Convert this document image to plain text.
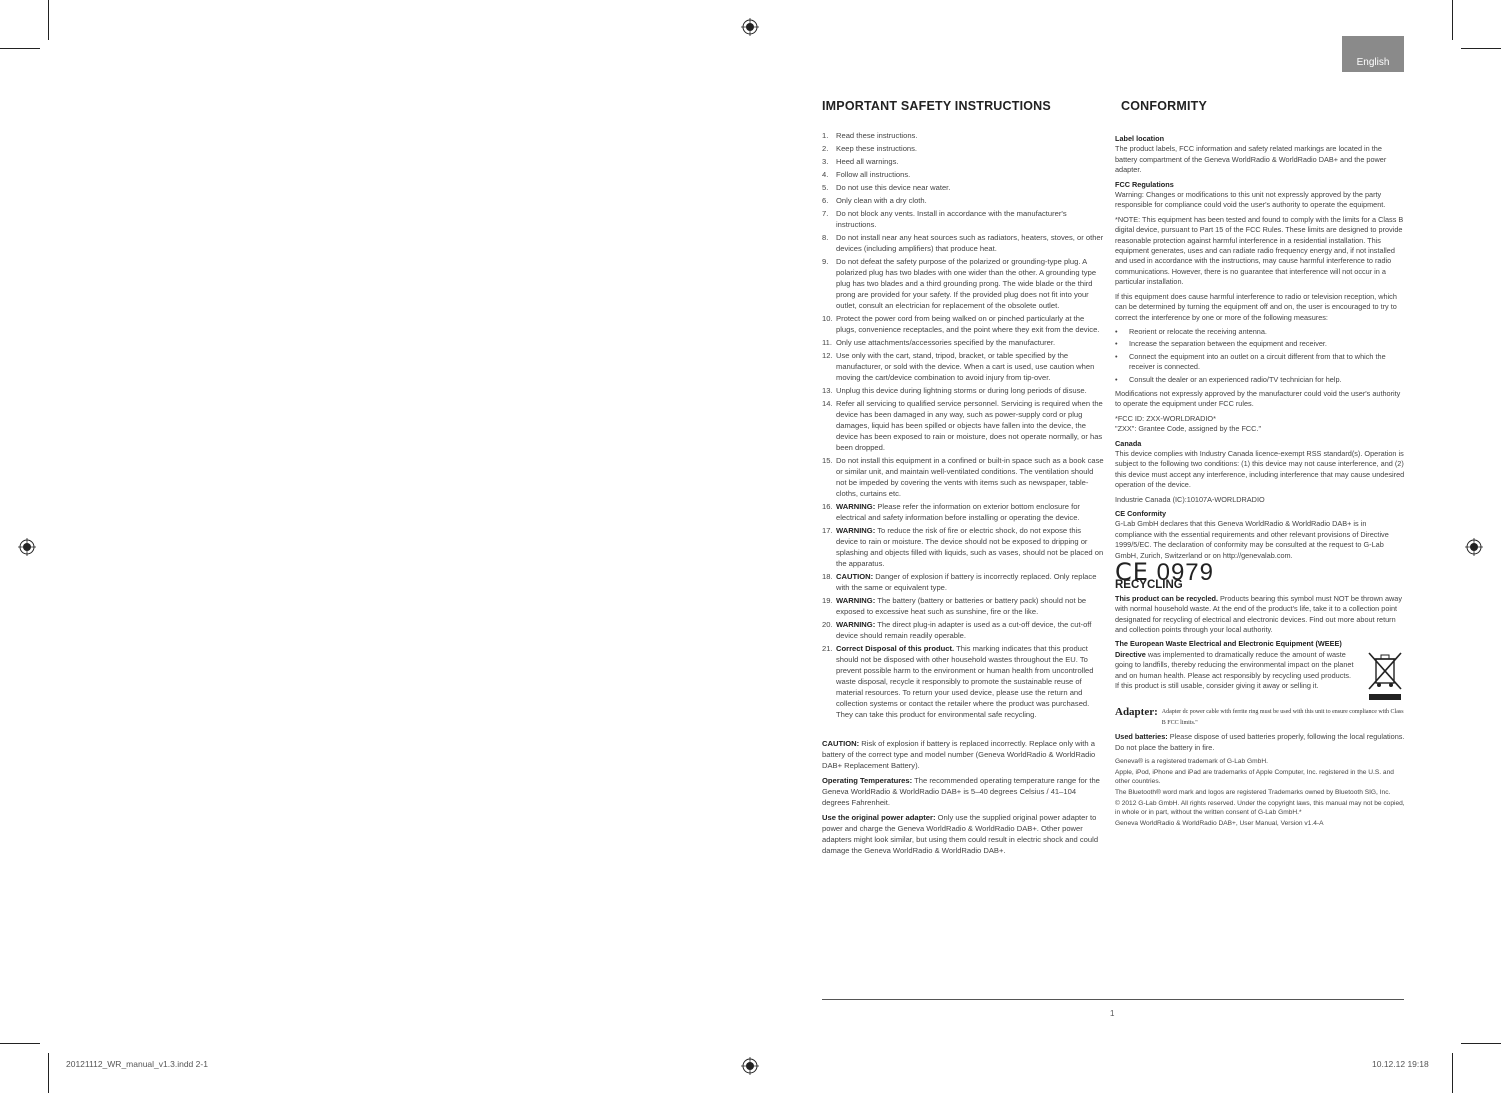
English
IMPORTANT SAFETY INSTRUCTIONS
1.	Read these instructions.
2.	Keep these instructions.
3.	Heed all warnings.
4.	Follow all instructions.
5.	Do not use this device near water.
6.	Only clean with a dry cloth.
7.	Do not block any vents. Install in accordance with the manufacturer's instructions.
8.	Do not install near any heat sources such as radiators, heaters, stoves, or other devices (including amplifiers) that produce heat.
9.	Do not defeat the safety purpose of the polarized or grounding-type plug. A polarized plug has two blades with one wider than the other. A grounding type plug has two blades and a third grounding prong. The wide blade or the third prong are provided for your safety. If the provided plug does not fit into your outlet, consult an electrician for replacement of the obsolete outlet.
10. Protect the power cord from being walked on or pinched particularly at the plugs, convenience receptacles, and the point where they exit from the device.
11. Only use attachments/accessories specified by the manufacturer.
12. Use only with the cart, stand, tripod, bracket, or table specified by the manufacturer, or sold with the device. When a cart is used, use caution when moving the cart/device combination to avoid injury from tip-over.
13. Unplug this device during lightning storms or during long periods of disuse.
14. Refer all servicing to qualified service personnel. Servicing is required when the device has been damaged in any way, such as power-supply cord or plug damages, liquid has been spilled or objects have fallen into the device, the device has been exposed to rain or moisture, does not operate normally, or has been dropped.
15. Do not install this equipment in a confined or built-in space such as a book case or similar unit, and maintain well-ventilated conditions. The ventilation should not be impeded by covering the vents with items such as newspaper, table-cloths, curtains etc.
16. WARNING: Please refer the information on exterior bottom enclosure for electrical and safety information before installing or operating the device.
17. WARNING: To reduce the risk of fire or electric shock, do not expose this device to rain or moisture. The device should not be exposed to dripping or splashing and objects filled with liquids, such as vases, should not be placed on the apparatus.
18. CAUTION: Danger of explosion if battery is incorrectly replaced. Only replace with the same or equivalent type.
19. WARNING: The battery (battery or batteries or battery pack) should not be exposed to excessive heat such as sunshine, fire or the like.
20. WARNING: The direct plug-in adapter is used as a cut-off device, the cut-off device should remain readily operable.
21. Correct Disposal of this product. This marking indicates that this product should not be disposed with other household wastes throughout the EU. To prevent possible harm to the environment or human health from uncontrolled waste disposal, recycle it responsibly to promote the sustainable reuse of material resources. To return your used device, please use the return and collection systems or contact the retailer where the product was purchased. They can take this product for environmental safe recycling.

CAUTION: Risk of explosion if battery is replaced incorrectly. Replace only with a battery of the correct type and model number (Geneva WorldRadio & WorldRadio DAB+ Replacement Battery).

Operating Temperatures: The recommended operating temperature range for the Geneva WorldRadio & WorldRadio DAB+ is 5–40 degrees Celsius / 41–104 degrees Fahrenheit.

Use the original power adapter: Only use the supplied original power adapter to power and charge the Geneva WorldRadio & WorldRadio DAB+. Other power adapters might look similar, but using them could result in electric shock and could damage the Geneva WorldRadio & WorldRadio DAB+.

CONFORMITY
Label location

The product labels, FCC information and safety related markings are located in the battery compartment of the Geneva WorldRadio & WorldRadio DAB+ and the power adapter.

FCC Regulations

Warning: Changes or modifications to this unit not expressly approved by the party responsible for compliance could void the user's authority to operate the equipment.

*NOTE: This equipment has been tested and found to comply with the limits for a Class B digital device, pursuant to Part 15 of the FCC Rules. These limits are designed to provide reasonable protection against harmful interference in a residential installation. This equipment generates, uses and can radiate radio frequency energy and, if not installed and used in accordance with the instructions, may cause harmful interference to radio communications. However, there is no guarantee that interference will not occur in a particular installation.

If this equipment does cause harmful interference to radio or television reception, which can be determined by turning the equipment off and on, the user is encouraged to try to correct the interference by one or more of the following measures:

•	Reorient or relocate the receiving antenna.
•	Increase the separation between the equipment and receiver.
•	Connect the equipment into an outlet on a circuit different from that to which the receiver is connected.
•	Consult the dealer or an experienced radio/TV technician for help.

Modifications not expressly approved by the manufacturer could void the user's authority to operate the equipment under FCC rules.

*FCC ID: ZXX-WORLDRADIO*

"ZXX": Grantee Code, assigned by the FCC."

Canada

This device complies with Industry Canada licence-exempt RSS standard(s). Operation is subject to the following two conditions: (1) this device may not cause interference, and (2) this device must accept any interference, including interference that may cause undesired operation of the device.

Industrie Canada (IC):10107A-WORLDRADIO

CE Conformity

G-Lab GmbH declares that this Geneva WorldRadio & WorldRadio DAB+ is in compliance with the essential requirements and other relevant provisions of Directive 1999/5/EC. The declaration of conformity may be consulted at the request to G-Lab GmbH, Zurich, Switzerland or on http://genevalab.com.

CE 0979
RECYCLING

This product can be recycled. Products bearing this symbol must NOT be thrown away with normal household waste. At the end of the product's life, take it to a collection point designated for recycling of electrical and electronic devices. Find out more about return and collection points through your local authority.

The European Waste Electrical and Electronic Equipment (WEEE) Directive was implemented to dramatically reduce the amount of waste going to landfills, thereby reducing the environmental impact on the planet and on human health. Please act responsibly by recycling used products. If this product is still usable, consider giving it away or selling it.

Adapter: Adapter dc power cable with ferrite ring must be used with this unit to ensure compliance with Class B FCC limits."

Used batteries: Please dispose of used batteries properly, following the local regulations. Do not place the battery in fire.

Geneva® is a registered trademark of G-Lab GmbH.

Apple, iPod, iPhone and iPad are trademarks of Apple Computer, Inc. registered in the U.S. and other countries.

The Bluetooth® word mark and logos are registered Trademarks owned by Bluetooth SIG, Inc.

© 2012 G-Lab GmbH. All rights reserved. Under the copyright laws, this manual may not be copied, in whole or in part, without the written consent of G-Lab GmbH.*

Geneva WorldRadio & WorldRadio DAB+, User Manual, Version v1.4-A

1
20121112_WR_manual_v1.3.indd 2-1	10.12.12 19:18
